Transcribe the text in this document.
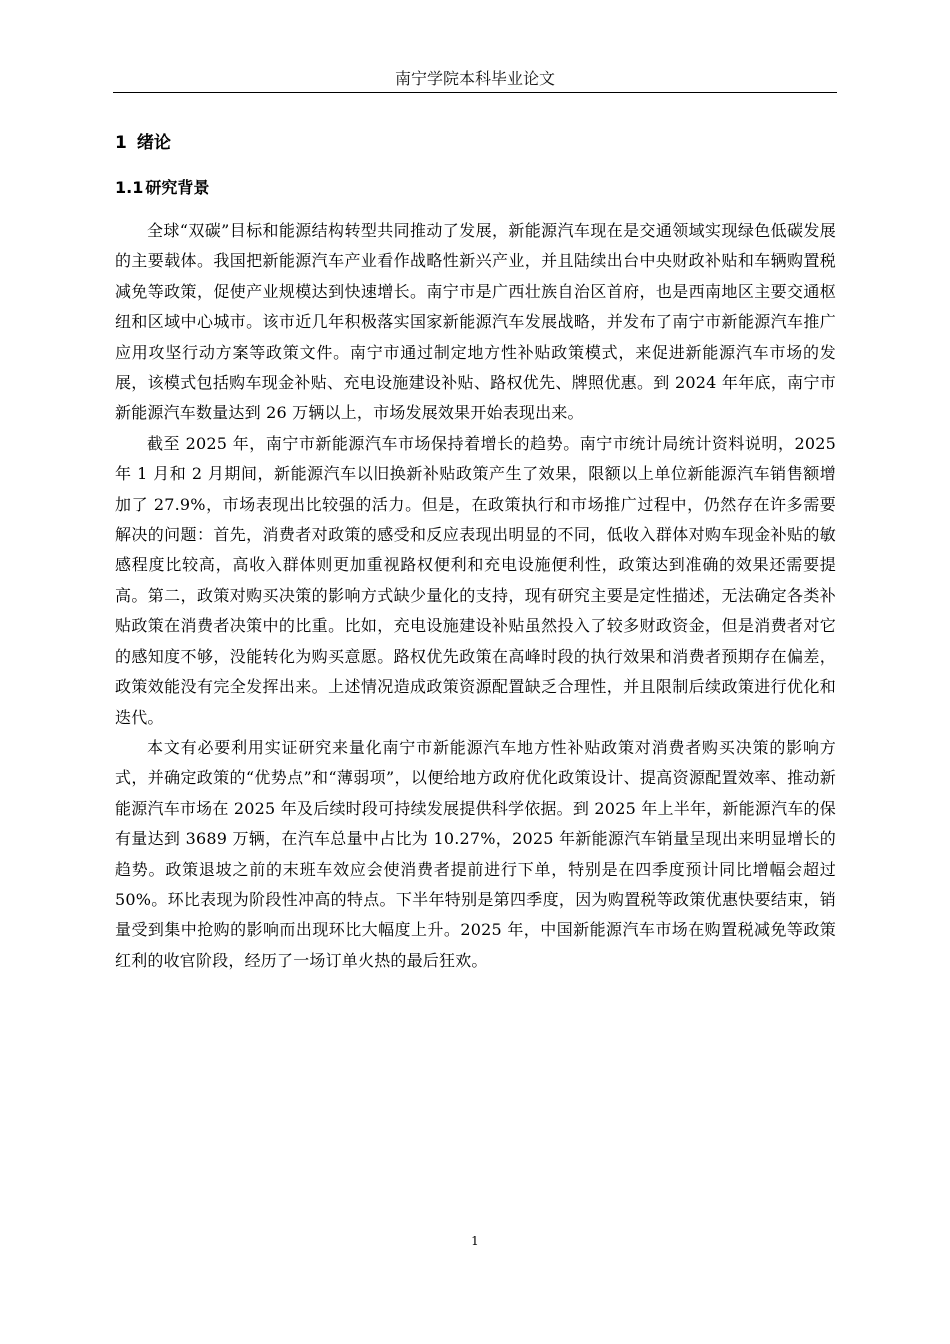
南宁学院本科毕业论文
1 绪论
1.1 研究背景

全球“双碳”目标和能源结构转型共同推动了发展，新能源汽车现在是交通领域实现绿色低碳发展的主要载体。我国把新能源汽车产业看作战略性新兴产业，并且陆续出台中央财政补贴和车辆购置税减免等政策，促使产业规模达到快速增长。南宁市是广西壮族自治区首府，也是西南地区主要交通枢纽和区域中心城市。该市近几年积极落实国家新能源汽车发展战略，并发布了南宁市新能源汽车推广应用攻坚行动方案等政策文件。南宁市通过制定地方性补贴政策模式，来促进新能源汽车市场的发展，该模式包括购车现金补贴、充电设施建设补贴、路权优先、牌照优惠。到 2024 年年底，南宁市新能源汽车数量达到 26 万辆以上，市场发展效果开始表现出来。

截至 2025 年，南宁市新能源汽车市场保持着增长的趋势。南宁市统计局统计资料说明，2025 年 1 月和 2 月期间，新能源汽车以旧换新补贴政策产生了效果，限额以上单位新能源汽车销售额增加了 27.9%，市场表现出比较强的活力。但是，在政策执行和市场推广过程中，仍然存在许多需要解决的问题：首先，消费者对政策的感受和反应表现出明显的不同，低收入群体对购车现金补贴的敏感程度比较高，高收入群体则更加重视路权便利和充电设施便利性，政策达到准确的效果还需要提高。第二，政策对购买决策的影响方式缺少量化的支持，现有研究主要是定性描述，无法确定各类补贴政策在消费者决策中的比重。比如，充电设施建设补贴虽然投入了较多财政资金，但是消费者对它的感知度不够，没能转化为购买意愿。路权优先政策在高峰时段的执行效果和消费者预期存在偏差，政策效能没有完全发挥出来。上述情况造成政策资源配置缺乏合理性，并且限制后续政策进行优化和迭代。

本文有必要利用实证研究来量化南宁市新能源汽车地方性补贴政策对消费者购买决策的影响方式，并确定政策的“优势点”和“薄弱项”，以便给地方政府优化政策设计、提高资源配置效率、推动新能源汽车市场在 2025 年及后续时段可持续发展提供科学依据。到 2025 年上半年，新能源汽车的保有量达到 3689 万辆，在汽车总量中占比为 10.27%，2025 年新能源汽车销量呈现出来明显增长的趋势。政策退坡之前的末班车效应会使消费者提前进行下单，特别是在四季度预计同比增幅会超过 50%。环比表现为阶段性冲高的特点。下半年特别是第四季度，因为购置税等政策优惠快要结束，销量受到集中抢购的影响而出现环比大幅度上升。2025 年，中国新能源汽车市场在购置税减免等政策红利的收官阶段，经历了一场订单火热的最后狂欢。

1
